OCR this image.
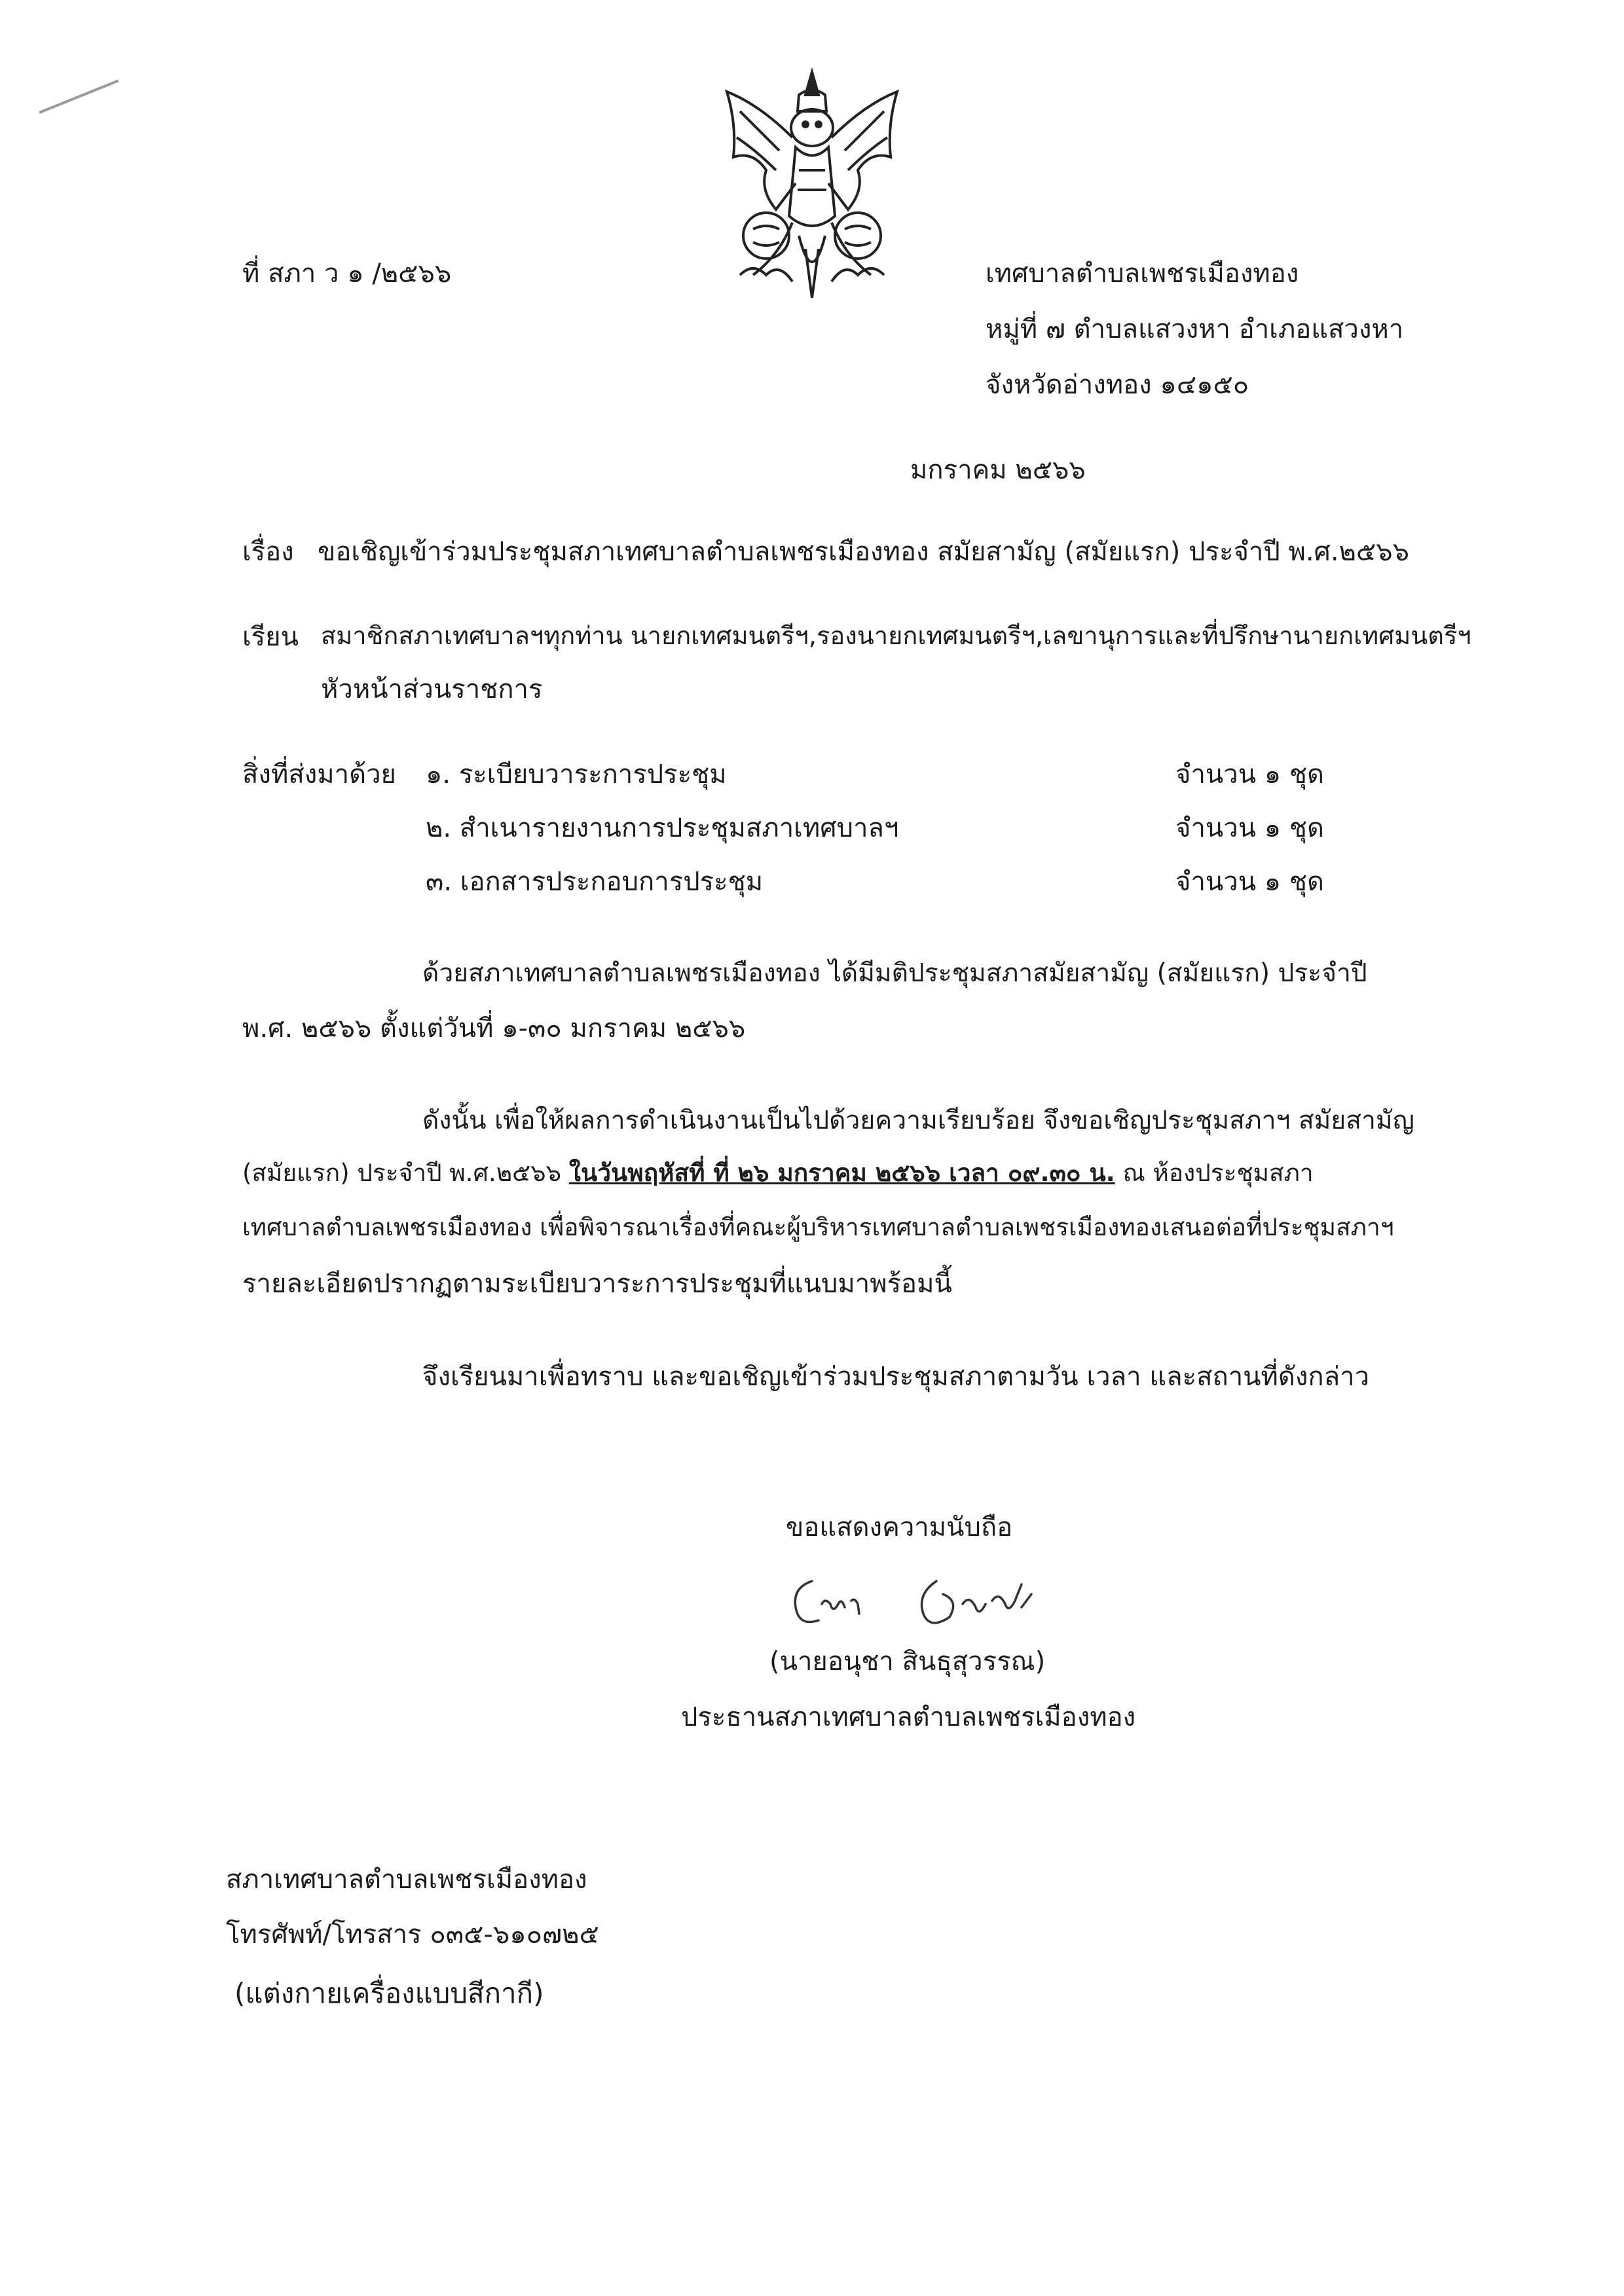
ที่ สภา ว ๑ /๒๕๖๖	เทศบาลตำบลเพชรเมืองทอง
หมู่ที่ ๗ ตำบลแสวงหา อำเภอแสวงหา
จังหวัดอ่างทอง ๑๔๑๕๐
มกราคม ๒๕๖๖
เรื่อง ขอเชิญเข้าร่วมประชุมสภาเทศบาลตำบลเพชรเมืองทอง สมัยสามัญ (สมัยแรก) ประจำปี พ.ศ.๒๕๖๖
เรียน สมาชิกสภาเทศบาลฯทุกท่าน นายกเทศมนตรีฯ,รองนายกเทศมนตรีฯ,เลขานุการและที่ปรึกษานายกเทศมนตรีฯ
หัวหน้าส่วนราชการ
สิ่งที่ส่งมาด้วย ๑. ระเบียบวาระการประชุม	จำนวน ๑ ชุด
๒. สำเนารายงานการประชุมสภาเทศบาลฯ	จำนวน ๑ ชุด
๓. เอกสารประกอบการประชุม	จำนวน ๑ ชุด
ด้วยสภาเทศบาลตำบลเพชรเมืองทอง ได้มีมติประชุมสภาสมัยสามัญ (สมัยแรก) ประจำปี
พ.ศ. ๒๕๖๖ ตั้งแต่วันที่ ๑-๓๐ มกราคม ๒๕๖๖
ดังนั้น เพื่อให้ผลการดำเนินงานเป็นไปด้วยความเรียบร้อย จึงขอเชิญประชุมสภาฯ สมัยสามัญ
(สมัยแรก) ประจำปี พ.ศ.๒๕๖๖ ในวันพฤหัสที่ ที่ ๒๖ มกราคม ๒๕๖๖ เวลา ๐๙.๓๐ น. ณ ห้องประชุมสภา
เทศบาลตำบลเพชรเมืองทอง เพื่อพิจารณาเรื่องที่คณะผู้บริหารเทศบาลตำบลเพชรเมืองทองเสนอต่อที่ประชุมสภาฯ
รายละเอียดปรากฏตามระเบียบวาระการประชุมที่แนบมาพร้อมนี้
จึงเรียนมาเพื่อทราบ และขอเชิญเข้าร่วมประชุมสภาตามวัน เวลา และสถานที่ดังกล่าว
ขอแสดงความนับถือ
(นายอนุชา สินธุสุวรรณ)
ประธานสภาเทศบาลตำบลเพชรเมืองทอง
สภาเทศบาลตำบลเพชรเมืองทอง
โทรศัพท์/โทรสาร ๐๓๕-๖๑๐๗๒๕
(แต่งกายเครื่องแบบสีกากี)
